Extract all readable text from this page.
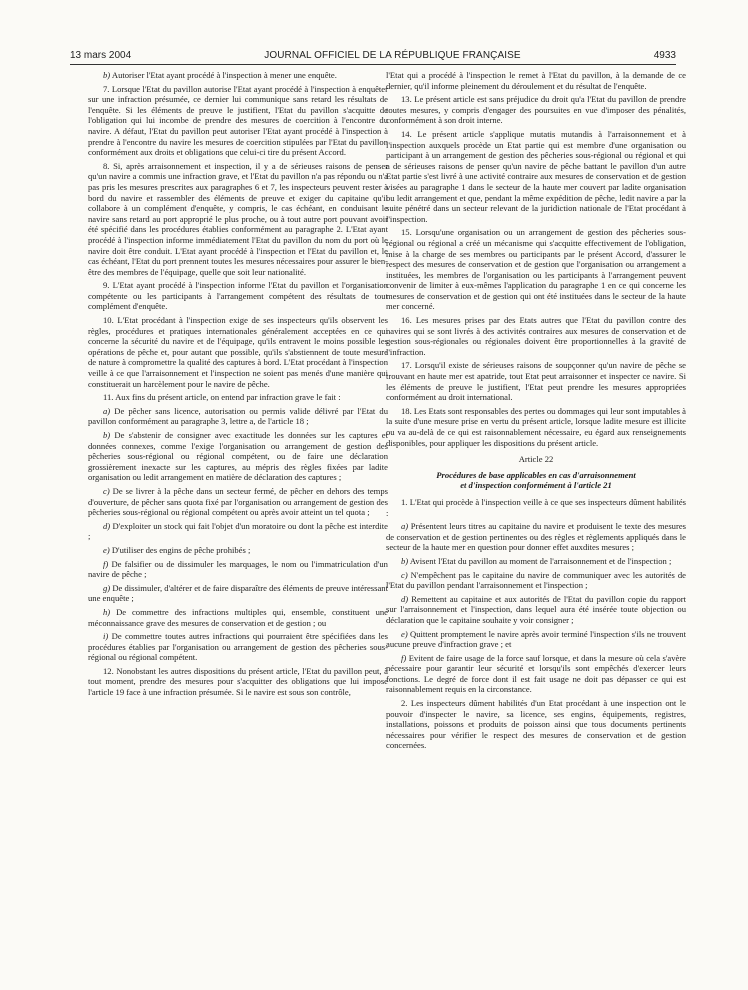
13 mars 2004	JOURNAL OFFICIEL DE LA RÉPUBLIQUE FRANÇAISE	4933

b) Autoriser l'Etat ayant procédé à l'inspection à mener une enquête.

7. Lorsque l'Etat du pavillon autorise l'Etat ayant procédé à l'inspection à enquêter sur une infraction présumée, ce dernier lui communique sans retard les résultats de l'enquête. Si les éléments de preuve le justifient, l'Etat du pavillon s'acquitte de l'obligation qui lui incombe de prendre des mesures de coercition à l'encontre du navire. A défaut, l'Etat du pavillon peut autoriser l'Etat ayant procédé à l'inspection à prendre à l'encontre du navire les mesures de coercition stipulées par l'Etat du pavillon conformément aux droits et obligations que celui-ci tire du présent Accord.

8. Si, après arraisonnement et inspection, il y a de sérieuses raisons de penser qu'un navire a commis une infraction grave, et l'Etat du pavillon n'a pas répondu ou n'a pas pris les mesures prescrites aux paragraphes 6 et 7, les inspecteurs peuvent rester à bord du navire et rassembler des éléments de preuve et exiger du capitaine qu'il collabore à un complément d'enquête, y compris, le cas échéant, en conduisant le navire sans retard au port approprié le plus proche, ou à tout autre port pouvant avoir été spécifié dans les procédures établies conformément au paragraphe 2. L'Etat ayant procédé à l'inspection informe immédiatement l'Etat du pavillon du nom du port où le navire doit être conduit. L'Etat ayant procédé à l'inspection et l'Etat du pavillon et, le cas échéant, l'Etat du port prennent toutes les mesures nécessaires pour assurer le bien-être des membres de l'équipage, quelle que soit leur nationalité.

9. L'Etat ayant procédé à l'inspection informe l'Etat du pavillon et l'organisation compétente ou les participants à l'arrangement compétent des résultats de tout complément d'enquête.

10. L'Etat procédant à l'inspection exige de ses inspecteurs qu'ils observent les règles, procédures et pratiques internationales généralement acceptées en ce qui concerne la sécurité du navire et de l'équipage, qu'ils entravent le moins possible les opérations de pêche et, pour autant que possible, qu'ils s'abstiennent de toute mesure de nature à compromettre la qualité des captures à bord. L'Etat procédant à l'inspection veille à ce que l'arraisonnement et l'inspection ne soient pas menés d'une manière qui constituerait un harcèlement pour le navire de pêche.

11. Aux fins du présent article, on entend par infraction grave le fait :

a) De pêcher sans licence, autorisation ou permis valide délivré par l'Etat du pavillon conformément au paragraphe 3, lettre a, de l'article 18 ;

b) De s'abstenir de consigner avec exactitude les données sur les captures et données connexes, comme l'exige l'organisation ou arrangement de gestion des pêcheries sous-régional ou régional compétent, ou de faire une déclaration grossièrement inexacte sur les captures, au mépris des règles fixées par ladite organisation ou ledit arrangement en matière de déclaration des captures ;

c) De se livrer à la pêche dans un secteur fermé, de pêcher en dehors des temps d'ouverture, de pêcher sans quota fixé par l'organisation ou arrangement de gestion des pêcheries sous-régional ou régional compétent ou après avoir atteint un tel quota ;

d) D'exploiter un stock qui fait l'objet d'un moratoire ou dont la pêche est interdite ;

e) D'utiliser des engins de pêche prohibés ;

f) De falsifier ou de dissimuler les marquages, le nom ou l'immatriculation d'un navire de pêche ;

g) De dissimuler, d'altérer et de faire disparaître des éléments de preuve intéressant une enquête ;

h) De commettre des infractions multiples qui, ensemble, constituent une méconnaissance grave des mesures de conservation et de gestion ; ou

i) De commettre toutes autres infractions qui pourraient être spécifiées dans les procédures établies par l'organisation ou arrangement de gestion des pêcheries sous-régional ou régional compétent.

12. Nonobstant les autres dispositions du présent article, l'Etat du pavillon peut, à tout moment, prendre des mesures pour s'acquitter des obligations que lui impose l'article 19 face à une infraction présumée. Si le navire est sous son contrôle,

l'Etat qui a procédé à l'inspection le remet à l'Etat du pavillon, à la demande de ce dernier, qu'il informe pleinement du déroulement et du résultat de l'enquête.

13. Le présent article est sans préjudice du droit qu'a l'Etat du pavillon de prendre toutes mesures, y compris d'engager des poursuites en vue d'imposer des pénalités, conformément à son droit interne.

14. Le présent article s'applique mutatis mutandis à l'arraisonnement et à l'inspection auxquels procède un Etat partie qui est membre d'une organisation ou participant à un arrangement de gestion des pêcheries sous-régional ou régional et qui a de sérieuses raisons de penser qu'un navire de pêche battant le pavillon d'un autre Etat partie s'est livré à une activité contraire aux mesures de conservation et de gestion visées au paragraphe 1 dans le secteur de la haute mer couvert par ladite organisation ou ledit arrangement et que, pendant la même expédition de pêche, ledit navire a par la suite pénétré dans un secteur relevant de la juridiction nationale de l'Etat procédant à l'inspection.

15. Lorsqu'une organisation ou un arrangement de gestion des pêcheries sous-régional ou régional a créé un mécanisme qui s'acquitte effectivement de l'obligation, mise à la charge de ses membres ou participants par le présent Accord, d'assurer le respect des mesures de conservation et de gestion que l'organisation ou arrangement a instituées, les membres de l'organisation ou les participants à l'arrangement peuvent convenir de limiter à eux-mêmes l'application du paragraphe 1 en ce qui concerne les mesures de conservation et de gestion qui ont été instituées dans le secteur de la haute mer concerné.

16. Les mesures prises par des Etats autres que l'Etat du pavillon contre des navires qui se sont livrés à des activités contraires aux mesures de conservation et de gestion sous-régionales ou régionales doivent être proportionnelles à la gravité de l'infraction.

17. Lorsqu'il existe de sérieuses raisons de soupçonner qu'un navire de pêche se trouvant en haute mer est apatride, tout Etat peut arraisonner et inspecter ce navire. Si les éléments de preuve le justifient, l'Etat peut prendre les mesures appropriées conformément au droit international.

18. Les Etats sont responsables des pertes ou dommages qui leur sont imputables à la suite d'une mesure prise en vertu du présent article, lorsque ladite mesure est illicite ou va au-delà de ce qui est raisonnablement nécessaire, eu égard aux renseignements disponibles, pour appliquer les dispositions du présent article.

Article 22

Procédures de base applicables en cas d'arraisonnement
et d'inspection conformément à l'article 21

1. L'Etat qui procède à l'inspection veille à ce que ses inspecteurs dûment habilités :

a) Présentent leurs titres au capitaine du navire et produisent le texte des mesures de conservation et de gestion pertinentes ou des règles et règlements appliqués dans le secteur de la haute mer en question pour donner effet auxdites mesures ;

b) Avisent l'Etat du pavillon au moment de l'arraisonnement et de l'inspection ;

c) N'empêchent pas le capitaine du navire de communiquer avec les autorités de l'Etat du pavillon pendant l'arraisonnement et l'inspection ;

d) Remettent au capitaine et aux autorités de l'Etat du pavillon copie du rapport sur l'arraisonnement et l'inspection, dans lequel aura été insérée toute objection ou déclaration que le capitaine souhaite y voir consigner ;

e) Quittent promptement le navire après avoir terminé l'inspection s'ils ne trouvent aucune preuve d'infraction grave ; et

f) Evitent de faire usage de la force sauf lorsque, et dans la mesure où cela s'avère nécessaire pour garantir leur sécurité et lorsqu'ils sont empêchés d'exercer leurs fonctions. Le degré de force dont il est fait usage ne doit pas dépasser ce qui est raisonnablement requis en la circonstance.

2. Les inspecteurs dûment habilités d'un Etat procédant à une inspection ont le pouvoir d'inspecter le navire, sa licence, ses engins, équipements, registres, installations, poissons et produits de poisson ainsi que tous documents pertinents nécessaires pour vérifier le respect des mesures de conservation et de gestion concernées.
